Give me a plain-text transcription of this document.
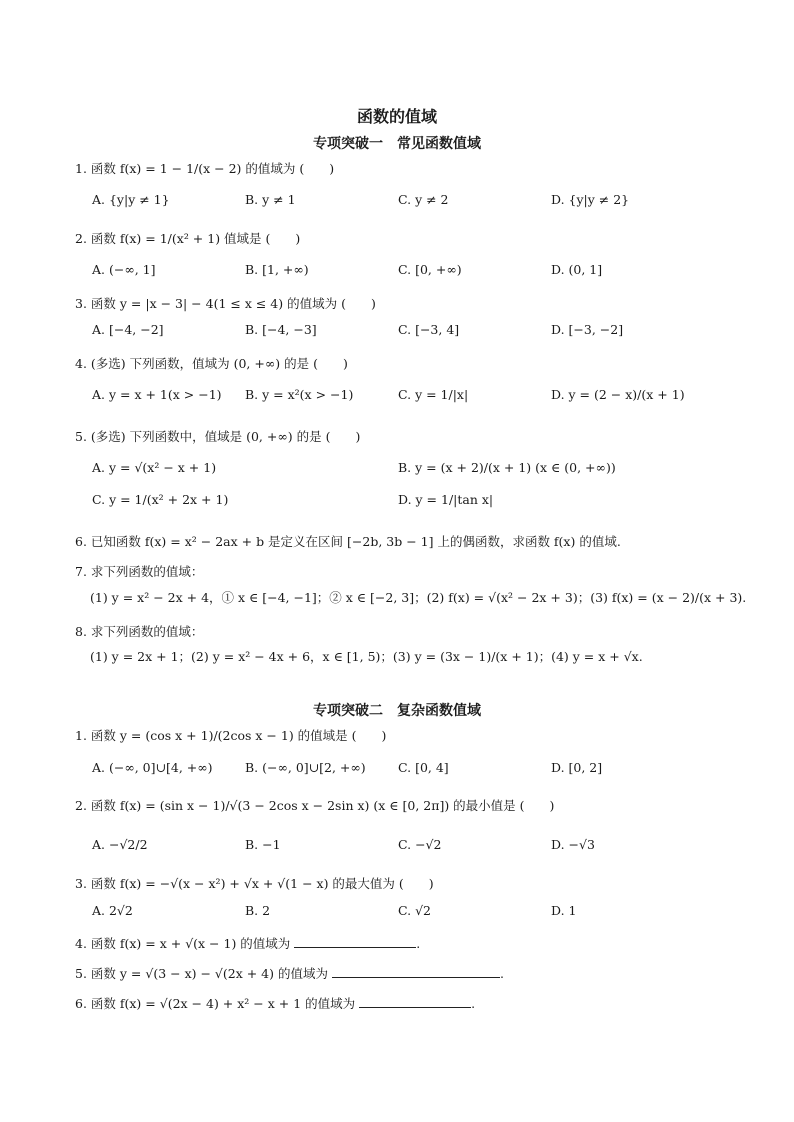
函数的值域
专项突破一　常见函数值域
1. 函数 f(x) = 1 − 1/(x − 2) 的值域为 (　　)
A. {y|y ≠ 1}	B. y ≠ 1	C. y ≠ 2	D. {y|y ≠ 2}
2. 函数 f(x) = 1/(x² + 1) 值域是 (　　)
A. (−∞, 1]	B. [1, +∞)	C. [0, +∞)	D. (0, 1]
3. 函数 y = |x − 3| − 4(1 ≤ x ≤ 4) 的值域为 (　　)
A. [−4, −2]	B. [−4, −3]	C. [−3, 4]	D. [−3, −2]
4. (多选) 下列函数，值域为 (0, +∞) 的是 (　　)
A. y = x + 1(x > −1) B. y = x²(x > −1)	C. y = 1/|x|	D. y = (2 − x)/(x + 1)
5. (多选) 下列函数中，值域是 (0, +∞) 的是 (　　)
A. y = √(x² − x + 1)	B. y = (x + 2)/(x + 1) (x ∈ (0, +∞))
C. y = 1/(x² + 2x + 1)	D. y = 1/|tan x|
6. 已知函数 f(x) = x² − 2ax + b 是定义在区间 [−2b, 3b − 1] 上的偶函数，求函数 f(x) 的值域.
7. 求下列函数的值域：
(1) y = x² − 2x + 4，① x ∈ [−4, −1]；② x ∈ [−2, 3]；(2) f(x) = √(x² − 2x + 3)；(3) f(x) = (x − 2)/(x + 3).
8. 求下列函数的值域：
(1) y = 2x + 1；(2) y = x² − 4x + 6，x ∈ [1, 5)；(3) y = (3x − 1)/(x + 1)；(4) y = x + √x.
专项突破二　复杂函数值域
1. 函数 y = (cos x + 1)/(2cos x − 1) 的值域是 (　　)
A. (−∞, 0]∪[4, +∞)	B. (−∞, 0]∪[2, +∞)	C. [0, 4]	D. [0, 2]
2. 函数 f(x) = (sin x − 1)/√(3 − 2cos x − 2sin x) (x ∈ [0, 2π]) 的最小值是 (　　)
A. −√2/2	B. −1	C. −√2	D. −√3
3. 函数 f(x) = −√(x − x²) + √x + √(1 − x) 的最大值为 (　　)
A. 2√2	B. 2	C. √2	D. 1
4. 函数 f(x) = x + √(x − 1) 的值域为	.
5. 函数 y = √(3 − x) − √(2x + 4) 的值域为	.
6. 函数 f(x) = √(2x − 4) + x² − x + 1 的值域为	.
